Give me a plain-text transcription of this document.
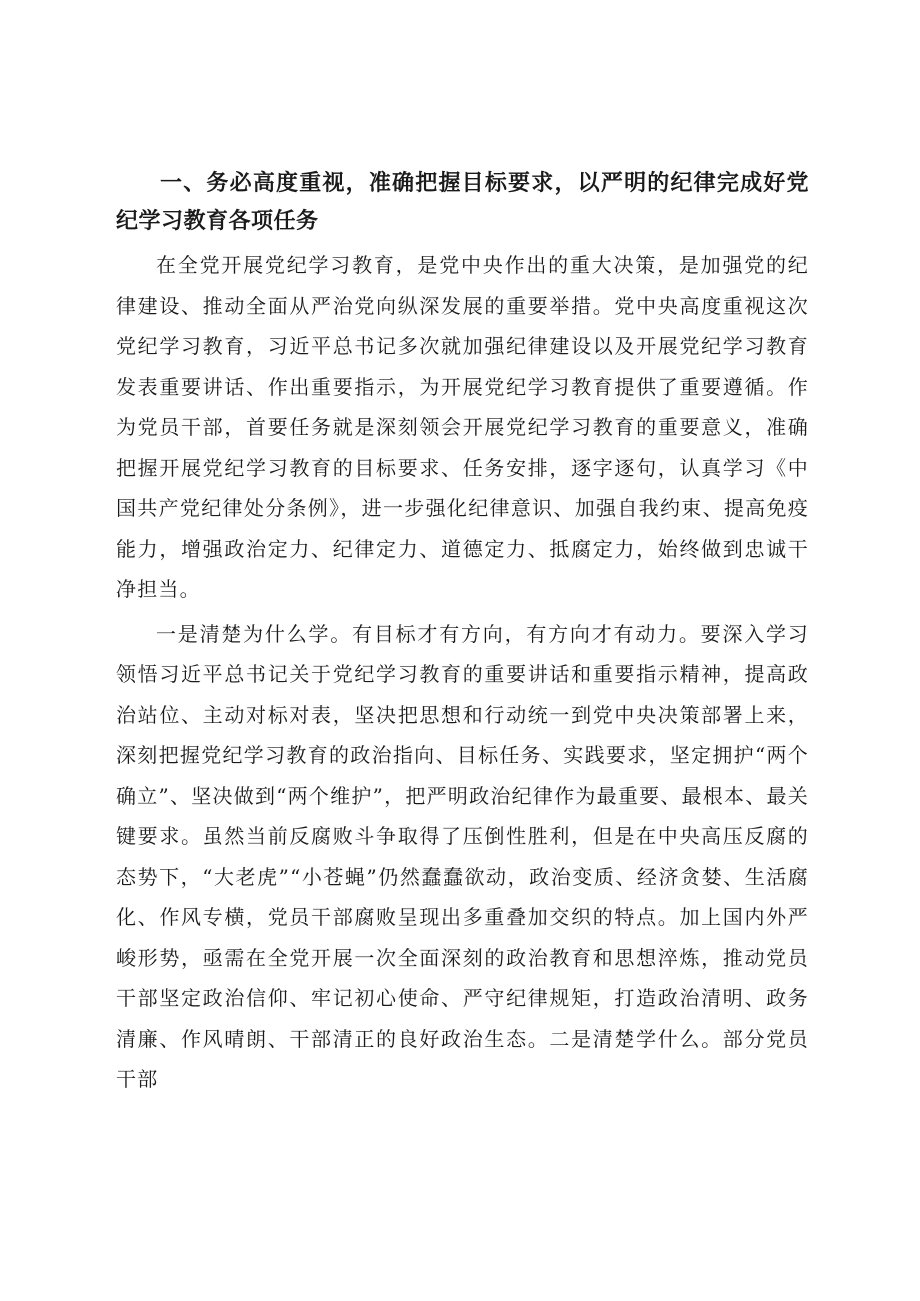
一、务必高度重视，准确把握目标要求，以严明的纪律完成好党纪学习教育各项任务

在全党开展党纪学习教育，是党中央作出的重大决策，是加强党的纪律建设、推动全面从严治党向纵深发展的重要举措。党中央高度重视这次党纪学习教育，习近平总书记多次就加强纪律建设以及开展党纪学习教育发表重要讲话、作出重要指示，为开展党纪学习教育提供了重要遵循。作为党员干部，首要任务就是深刻领会开展党纪学习教育的重要意义，准确把握开展党纪学习教育的目标要求、任务安排，逐字逐句，认真学习《中国共产党纪律处分条例》，进一步强化纪律意识、加强自我约束、提高免疫能力，增强政治定力、纪律定力、道德定力、抵腐定力，始终做到忠诚干净担当。

一是清楚为什么学。有目标才有方向，有方向才有动力。要深入学习领悟习近平总书记关于党纪学习教育的重要讲话和重要指示精神，提高政治站位、主动对标对表，坚决把思想和行动统一到党中央决策部署上来，深刻把握党纪学习教育的政治指向、目标任务、实践要求，坚定拥护“两个确立”、坚决做到“两个维护”，把严明政治纪律作为最重要、最根本、最关键要求。虽然当前反腐败斗争取得了压倒性胜利，但是在中央高压反腐的态势下，“大老虎”“小苍蝇”仍然蠢蠢欲动，政治变质、经济贪婪、生活腐化、作风专横，党员干部腐败呈现出多重叠加交织的特点。加上国内外严峻形势，亟需在全党开展一次全面深刻的政治教育和思想淬炼，推动党员干部坚定政治信仰、牢记初心使命、严守纪律规矩，打造政治清明、政务清廉、作风晴朗、干部清正的良好政治生态。二是清楚学什么。部分党员干部
